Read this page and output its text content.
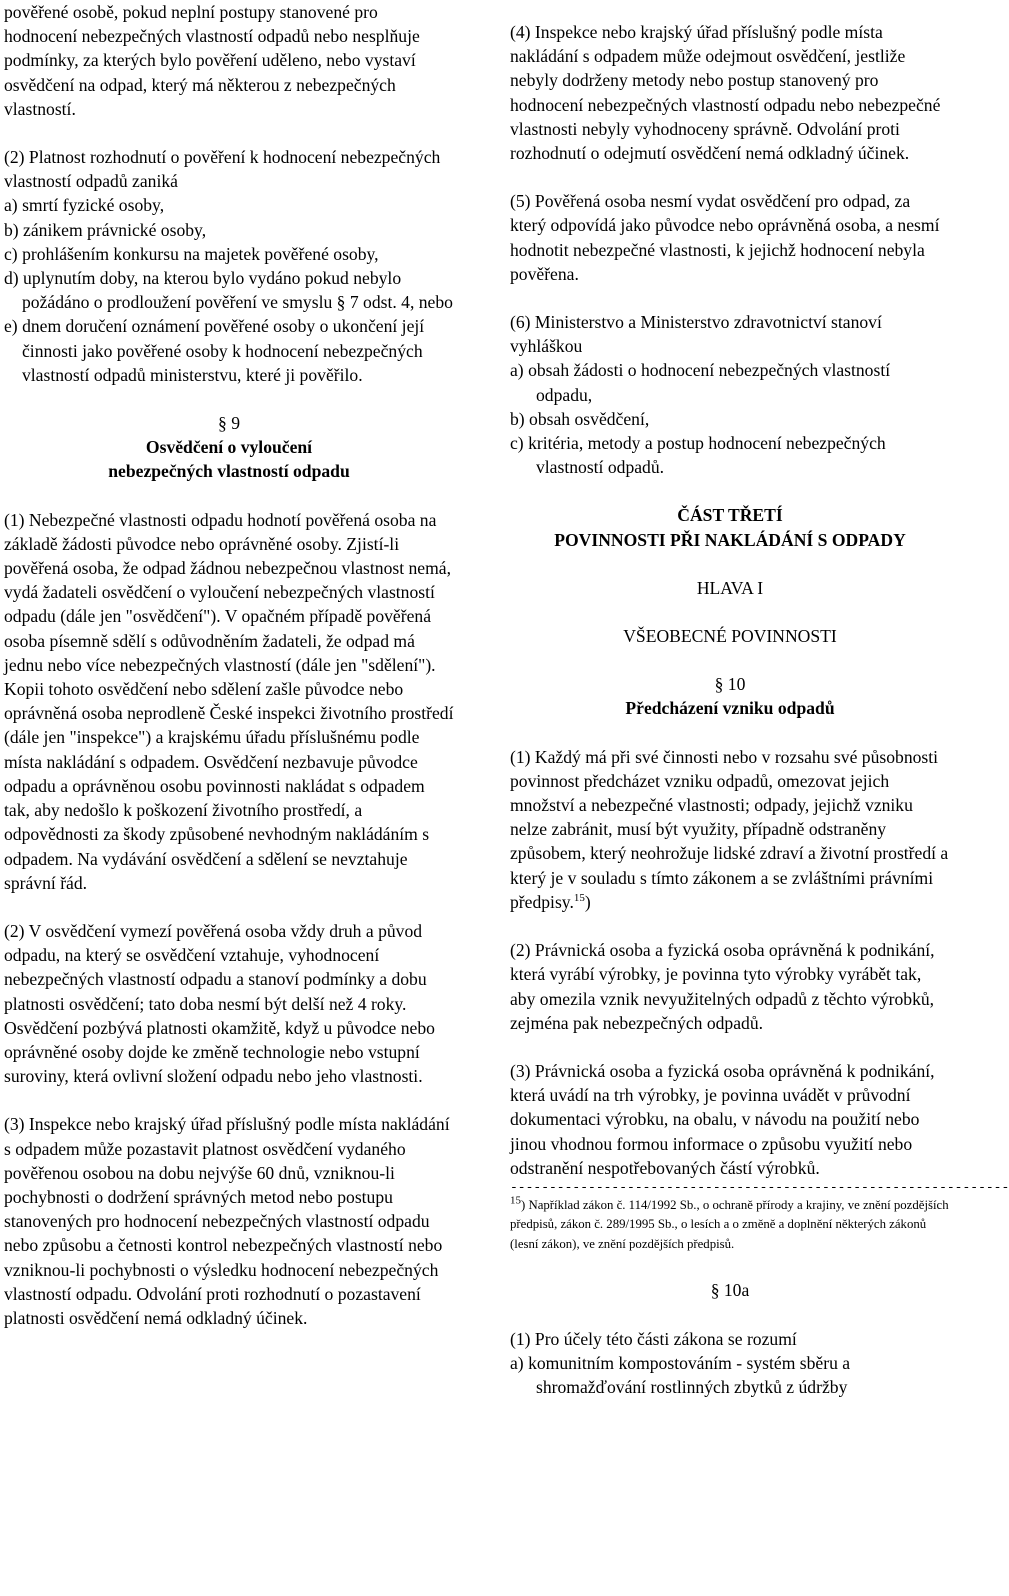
pověřené osobě, pokud neplní postupy stanovené pro hodnocení nebezpečných vlastností odpadů nebo nesplňuje podmínky, za kterých bylo pověření uděleno, nebo vystaví osvědčení na odpad, který má některou z nebezpečných vlastností.

(2) Platnost rozhodnutí o pověření k hodnocení nebezpečných vlastností odpadů zaniká

a) smrtí fyzické osoby,

b) zánikem právnické osoby,

c) prohlášením konkursu na majetek pověřené osoby,

d) uplynutím doby, na kterou bylo vydáno pokud nebylo požádáno o prodloužení pověření ve smyslu § 7 odst. 4, nebo

e) dnem doručení oznámení pověřené osoby o ukončení její činnosti jako pověřené osoby k hodnocení nebezpečných vlastností odpadů ministerstvu, které ji pověřilo.

§ 9

Osvědčení o vyloučení

nebezpečných vlastností odpadu

(1) Nebezpečné vlastnosti odpadu hodnotí pověřená osoba na základě žádosti původce nebo oprávněné osoby. Zjistí-li pověřená osoba, že odpad žádnou nebezpečnou vlastnost nemá, vydá žadateli osvědčení o vyloučení nebezpečných vlastností odpadu (dále jen "osvědčení"). V opačném případě pověřená osoba písemně sdělí s odůvodněním žadateli, že odpad má jednu nebo více nebezpečných vlastností (dále jen "sdělení"). Kopii tohoto osvědčení nebo sdělení zašle původce nebo oprávněná osoba neprodleně České inspekci životního prostředí (dále jen "inspekce") a krajskému úřadu příslušnému podle místa nakládání s odpadem. Osvědčení nezbavuje původce odpadu a oprávněnou osobu povinnosti nakládat s odpadem tak, aby nedošlo k poškození životního prostředí, a odpovědnosti za škody způsobené nevhodným nakládáním s odpadem. Na vydávání osvědčení a sdělení se nevztahuje správní řád.

(2) V osvědčení vymezí pověřená osoba vždy druh a původ odpadu, na který se osvědčení vztahuje, vyhodnocení nebezpečných vlastností odpadu a stanoví podmínky a dobu platnosti osvědčení; tato doba nesmí být delší než 4 roky. Osvědčení pozbývá platnosti okamžitě, když u původce nebo oprávněné osoby dojde ke změně technologie nebo vstupní suroviny, která ovlivní složení odpadu nebo jeho vlastnosti.

(3) Inspekce nebo krajský úřad příslušný podle místa nakládání s odpadem může pozastavit platnost osvědčení vydaného pověřenou osobou na dobu nejvýše 60 dnů, vzniknou-li pochybnosti o dodržení správných metod nebo postupu stanovených pro hodnocení nebezpečných vlastností odpadu nebo způsobu a četnosti kontrol nebezpečných vlastností nebo vzniknou-li pochybnosti o výsledku hodnocení nebezpečných vlastností odpadu. Odvolání proti rozhodnutí o pozastavení platnosti osvědčení nemá odkladný účinek.

(4) Inspekce nebo krajský úřad příslušný podle místa nakládání s odpadem může odejmout osvědčení, jestliže nebyly dodrženy metody nebo postup stanovený pro hodnocení nebezpečných vlastností odpadu nebo nebezpečné vlastnosti nebyly vyhodnoceny správně. Odvolání proti rozhodnutí o odejmutí osvědčení nemá odkladný účinek.

(5) Pověřená osoba nesmí vydat osvědčení pro odpad, za který odpovídá jako původce nebo oprávněná osoba, a nesmí hodnotit nebezpečné vlastnosti, k jejichž hodnocení nebyla pověřena.

(6) Ministerstvo a Ministerstvo zdravotnictví stanoví vyhláškou

a) obsah žádosti o hodnocení nebezpečných vlastností odpadu,

b) obsah osvědčení,

c) kritéria, metody a postup hodnocení nebezpečných vlastností odpadů.

ČÁST TŘETÍ

POVINNOSTI PŘI NAKLÁDÁNÍ S ODPADY

HLAVA I

VŠEOBECNÉ POVINNOSTI

§ 10

Předcházení vzniku odpadů

(1) Každý má při své činnosti nebo v rozsahu své působnosti povinnost předcházet vzniku odpadů, omezovat jejich množství a nebezpečné vlastnosti; odpady, jejichž vzniku nelze zabránit, musí být využity, případně odstraněny způsobem, který neohrožuje lidské zdraví a životní prostředí a který je v souladu s tímto zákonem a se zvláštními právními předpisy.$^{15}$)

(2) Právnická osoba a fyzická osoba oprávněná k podnikání, která vyrábí výrobky, je povinna tyto výrobky vyrábět tak, aby omezila vznik nevyužitelných odpadů z těchto výrobků, zejména pak nebezpečných odpadů.

(3) Právnická osoba a fyzická osoba oprávněná k podnikání, která uvádí na trh výrobky, je povinna uvádět v průvodní dokumentaci výrobku, na obalu, v návodu na použití nebo jinou vhodnou formou informace o způsobu využití nebo odstranění nespotřebovaných částí výrobků.

----------------------------------------------------------------

$^{15}$) Například zákon č. 114/1992 Sb., o ochraně přírody a krajiny, ve znění pozdějších předpisů, zákon č. 289/1995 Sb., o lesích a o změně a doplnění některých zákonů (lesní zákon), ve znění pozdějších předpisů.

§ 10a

(1) Pro účely této části zákona se rozumí

a) komunitním kompostováním - systém sběru a shromažďování rostlinných zbytků z údržby
